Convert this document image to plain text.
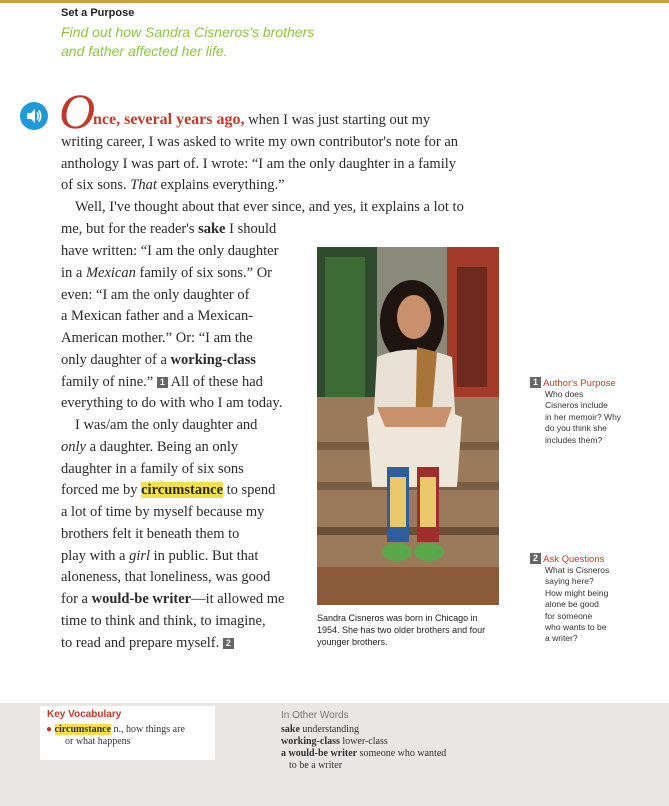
Set a Purpose
Find out how Sandra Cisneros's brothers
and father affected her life.
O
nce, several years ago, when I was just starting out my
writing career, I was asked to write my own contributor's note for an
anthology I was part of. I wrote: “I am the only daughter in a family
of six sons. That explains everything.”
Well, I've thought about that ever since, and yes, it explains a lot to
me, but for the reader's sake I should
have written: “I am the only daughter
in a Mexican family of six sons.” Or
even: “I am the only daughter of
a Mexican father and a Mexican-
American mother.” Or: “I am the
only daughter of a working-class
family of nine.” 1 All of these had
everything to do with who I am today.
I was/am the only daughter and
only a daughter. Being an only
daughter in a family of six sons
forced me by circumstance to spend
a lot of time by myself because my
brothers felt it beneath them to
play with a girl in public. But that
aloneness, that loneliness, was good
for a would-be writer—it allowed me
time to think and think, to imagine,
to read and prepare myself. 2
Sandra Cisneros was born in Chicago in 1954. She has two older brothers and four younger brothers.
1 Author's Purpose
Who does
Cisneros include
in her memoir? Why
do you think she
includes them?
2 Ask Questions
What is Cisneros
saying here?
How might being
alone be good
for someone
who wants to be
a writer?
Key Vocabulary
● circumstance n., how things are
or what happens
In Other Words
sake understanding
working-class lower-class
a would-be writer someone who wanted
to be a writer
